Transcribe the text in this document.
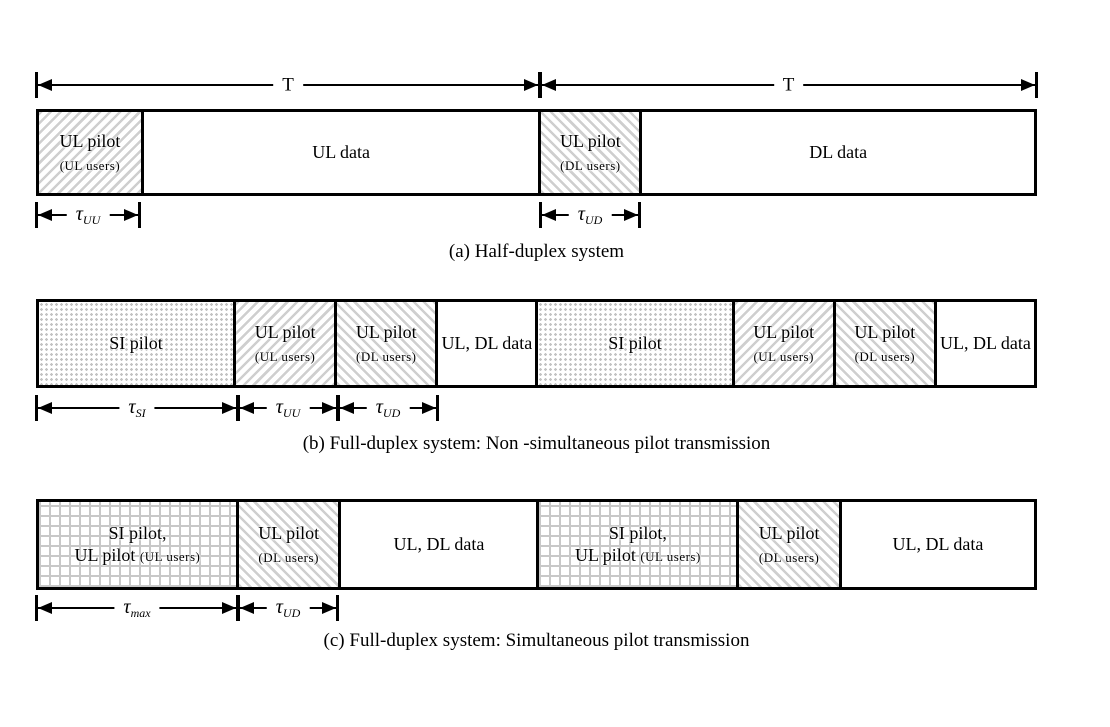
T	T
UL pilot
(UL users)
UL data
UL pilot
(DL users)
DL data
$\tau_{UU}$	$\tau_{UD}$
(a) Half-duplex system
SI pilot
UL pilot
(UL users)
UL pilot
(DL users)
UL, DL data	SI pilot
UL pilot
(UL users)
UL pilot
(DL users)
UL, DL data
$\tau_{SI}$	$\tau_{UU}$	$\tau_{UD}$
(b) Full-duplex system: Non -simultaneous pilot transmission
SI pilot,
UL pilot (UL users)
UL pilot
(DL users)
UL, DL data
SI pilot,
UL pilot (UL users)
UL pilot
(DL users)
UL, DL data
$\tau_{max}$	$\tau_{UD}$
(c) Full-duplex system: Simultaneous pilot transmission
